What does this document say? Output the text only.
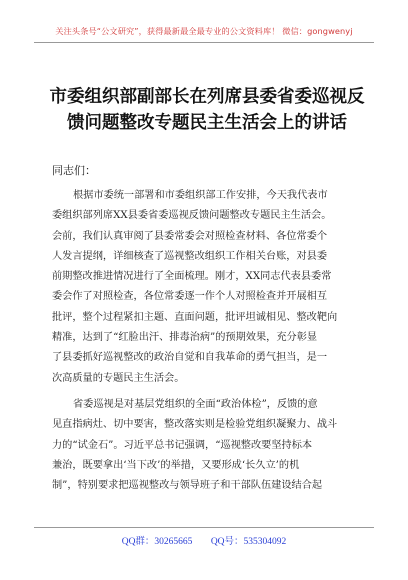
关注头条号“公文研究”，获得最新最全最专业的公文资料库！ 微信：gongwenyj
市委组织部副部长在列席县委省委巡视反
馈问题整改专题民主生活会上的讲话
同志们：
根据市委统一部署和市委组织部工作安排，今天我代表市
委组织部列席XX县委省委巡视反馈问题整改专题民主生活会。
会前，我们认真审阅了县委常委会对照检查材料、各位常委个
人发言提纲，详细核查了巡视整改组织工作相关台账，对县委
前期整改推进情况进行了全面梳理。刚才，XX同志代表县委常
委会作了对照检查，各位常委逐一作个人对照检查并开展相互
批评，整个过程紧扣主题、直面问题，批评坦诚相见、整改靶向
精准，达到了“红脸出汗、排毒治病”的预期效果，充分彰显
了县委抓好巡视整改的政治自觉和自我革命的勇气担当，是一
次高质量的专题民主生活会。
省委巡视是对基层党组织的全面“政治体检”，反馈的意
见直指病灶、切中要害，整改落实则是检验党组织凝聚力、战斗
力的“试金石”。习近平总书记强调，“巡视整改要坚持标本
兼治，既要拿出‘当下改’的举措，又要形成‘长久立’的机
制”，特别要求把巡视整改与领导班子和干部队伍建设结合起
QQ群：30265665 QQ号：535304092
